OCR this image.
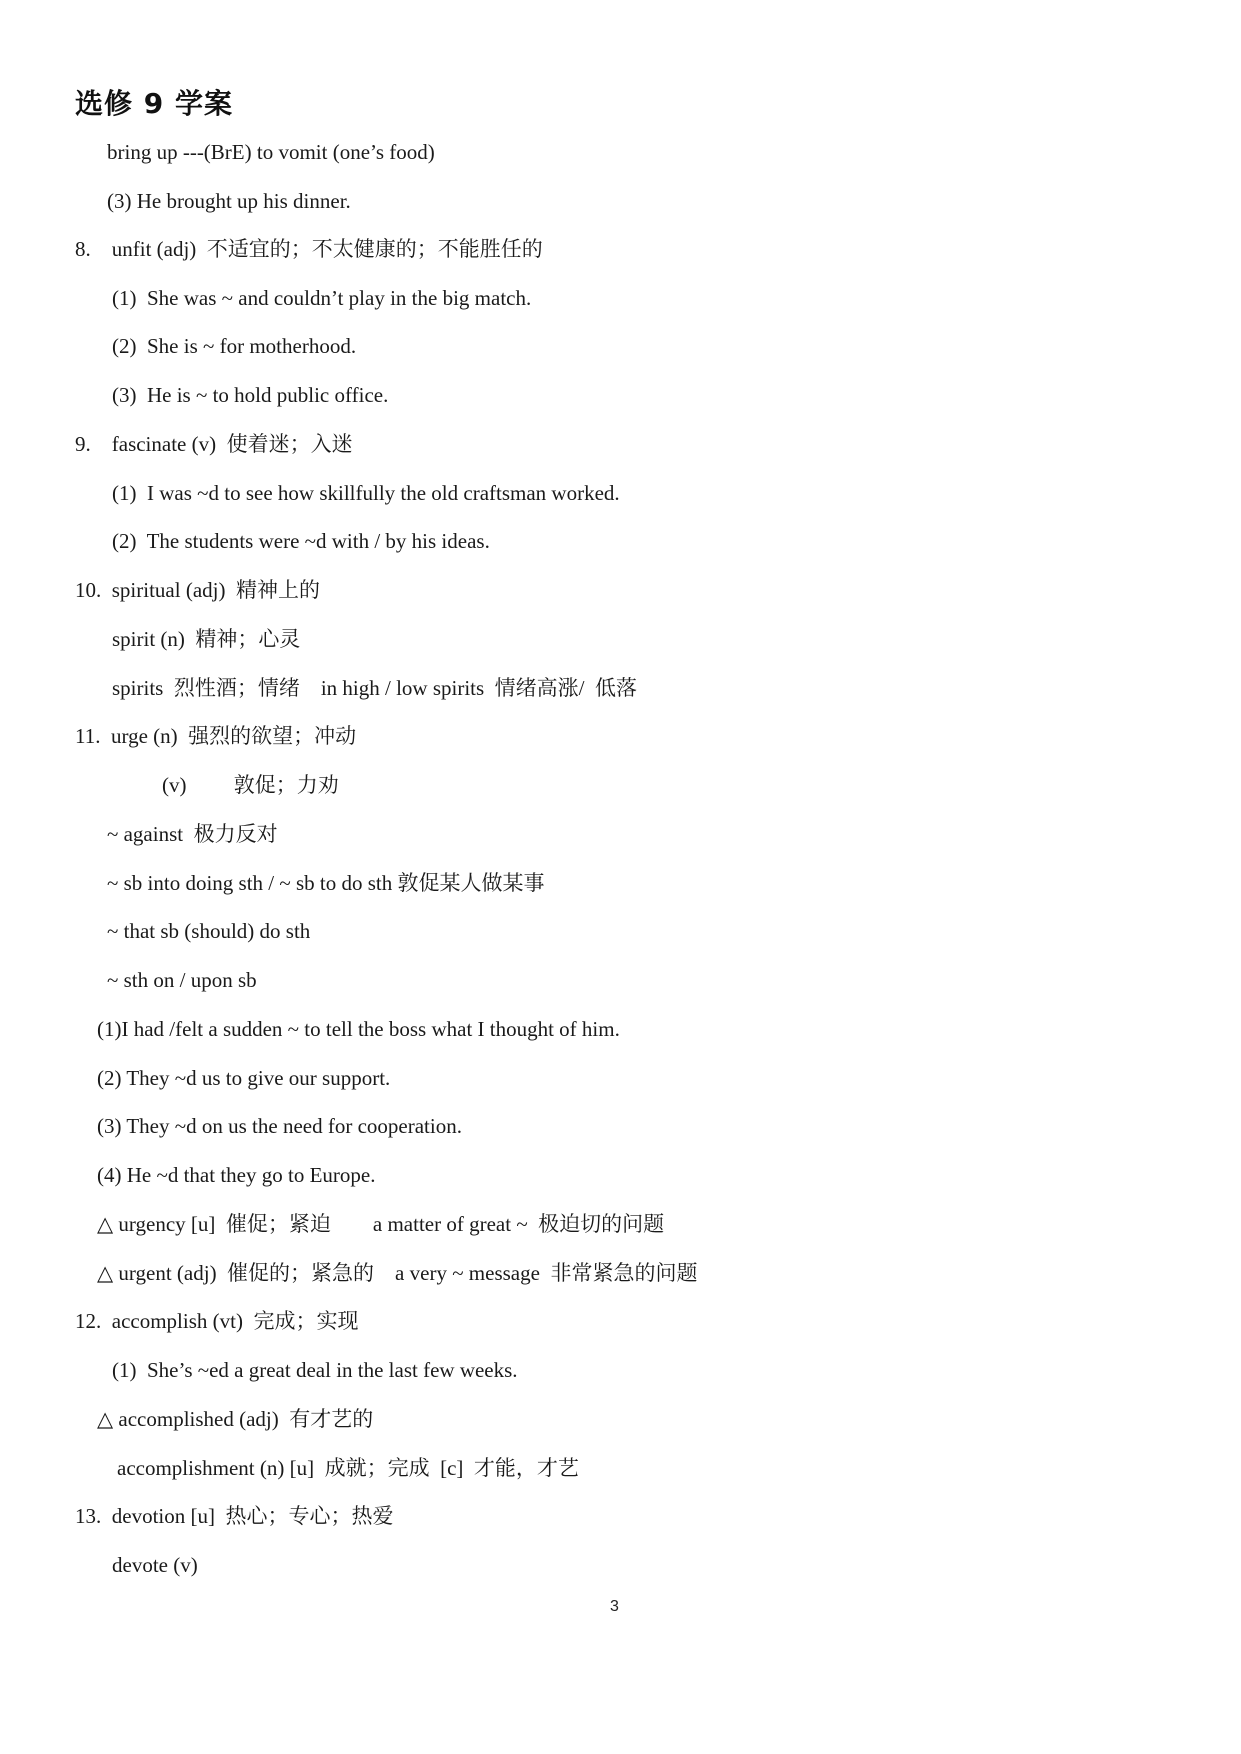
选修 9 学案
bring up ---(BrE) to vomit (one’s food)
(3) He brought up his dinner.
8.    unfit (adj)  不适宜的；不太健康的；不能胜任的
(1)  She was ~ and couldn’t play in the big match.
(2)  She is ~ for motherhood.
(3)  He is ~ to hold public office.
9.    fascinate (v)  使着迷；入迷
(1)  I was ~d to see how skillfully the old craftsman worked.
(2)  The students were ~d with / by his ideas.
10.  spiritual (adj)  精神上的
spirit (n)  精神；心灵
spirits  烈性酒；情绪    in high / low spirits  情绪高涨/  低落
11.  urge (n)  强烈的欲望；冲动
(v)         敦促；力劝
~ against  极力反对
~ sb into doing sth / ~ sb to do sth 敦促某人做某事
~ that sb (should) do sth
~ sth on / upon sb
(1)I had /felt a sudden ~ to tell the boss what I thought of him.
(2) They ~d us to give our support.
(3) They ~d on us the need for cooperation.
(4) He ~d that they go to Europe.
△ urgency [u]  催促；紧迫        a matter of great ~  极迫切的问题
△ urgent (adj)  催促的；紧急的    a very ~ message  非常紧急的问题
12.  accomplish (vt)  完成；实现
(1)  She’s ~ed a great deal in the last few weeks.
△ accomplished (adj)  有才艺的
accomplishment (n) [u]  成就；完成  [c]  才能，才艺
13.  devotion [u]  热心；专心；热爱
devote (v)
3
